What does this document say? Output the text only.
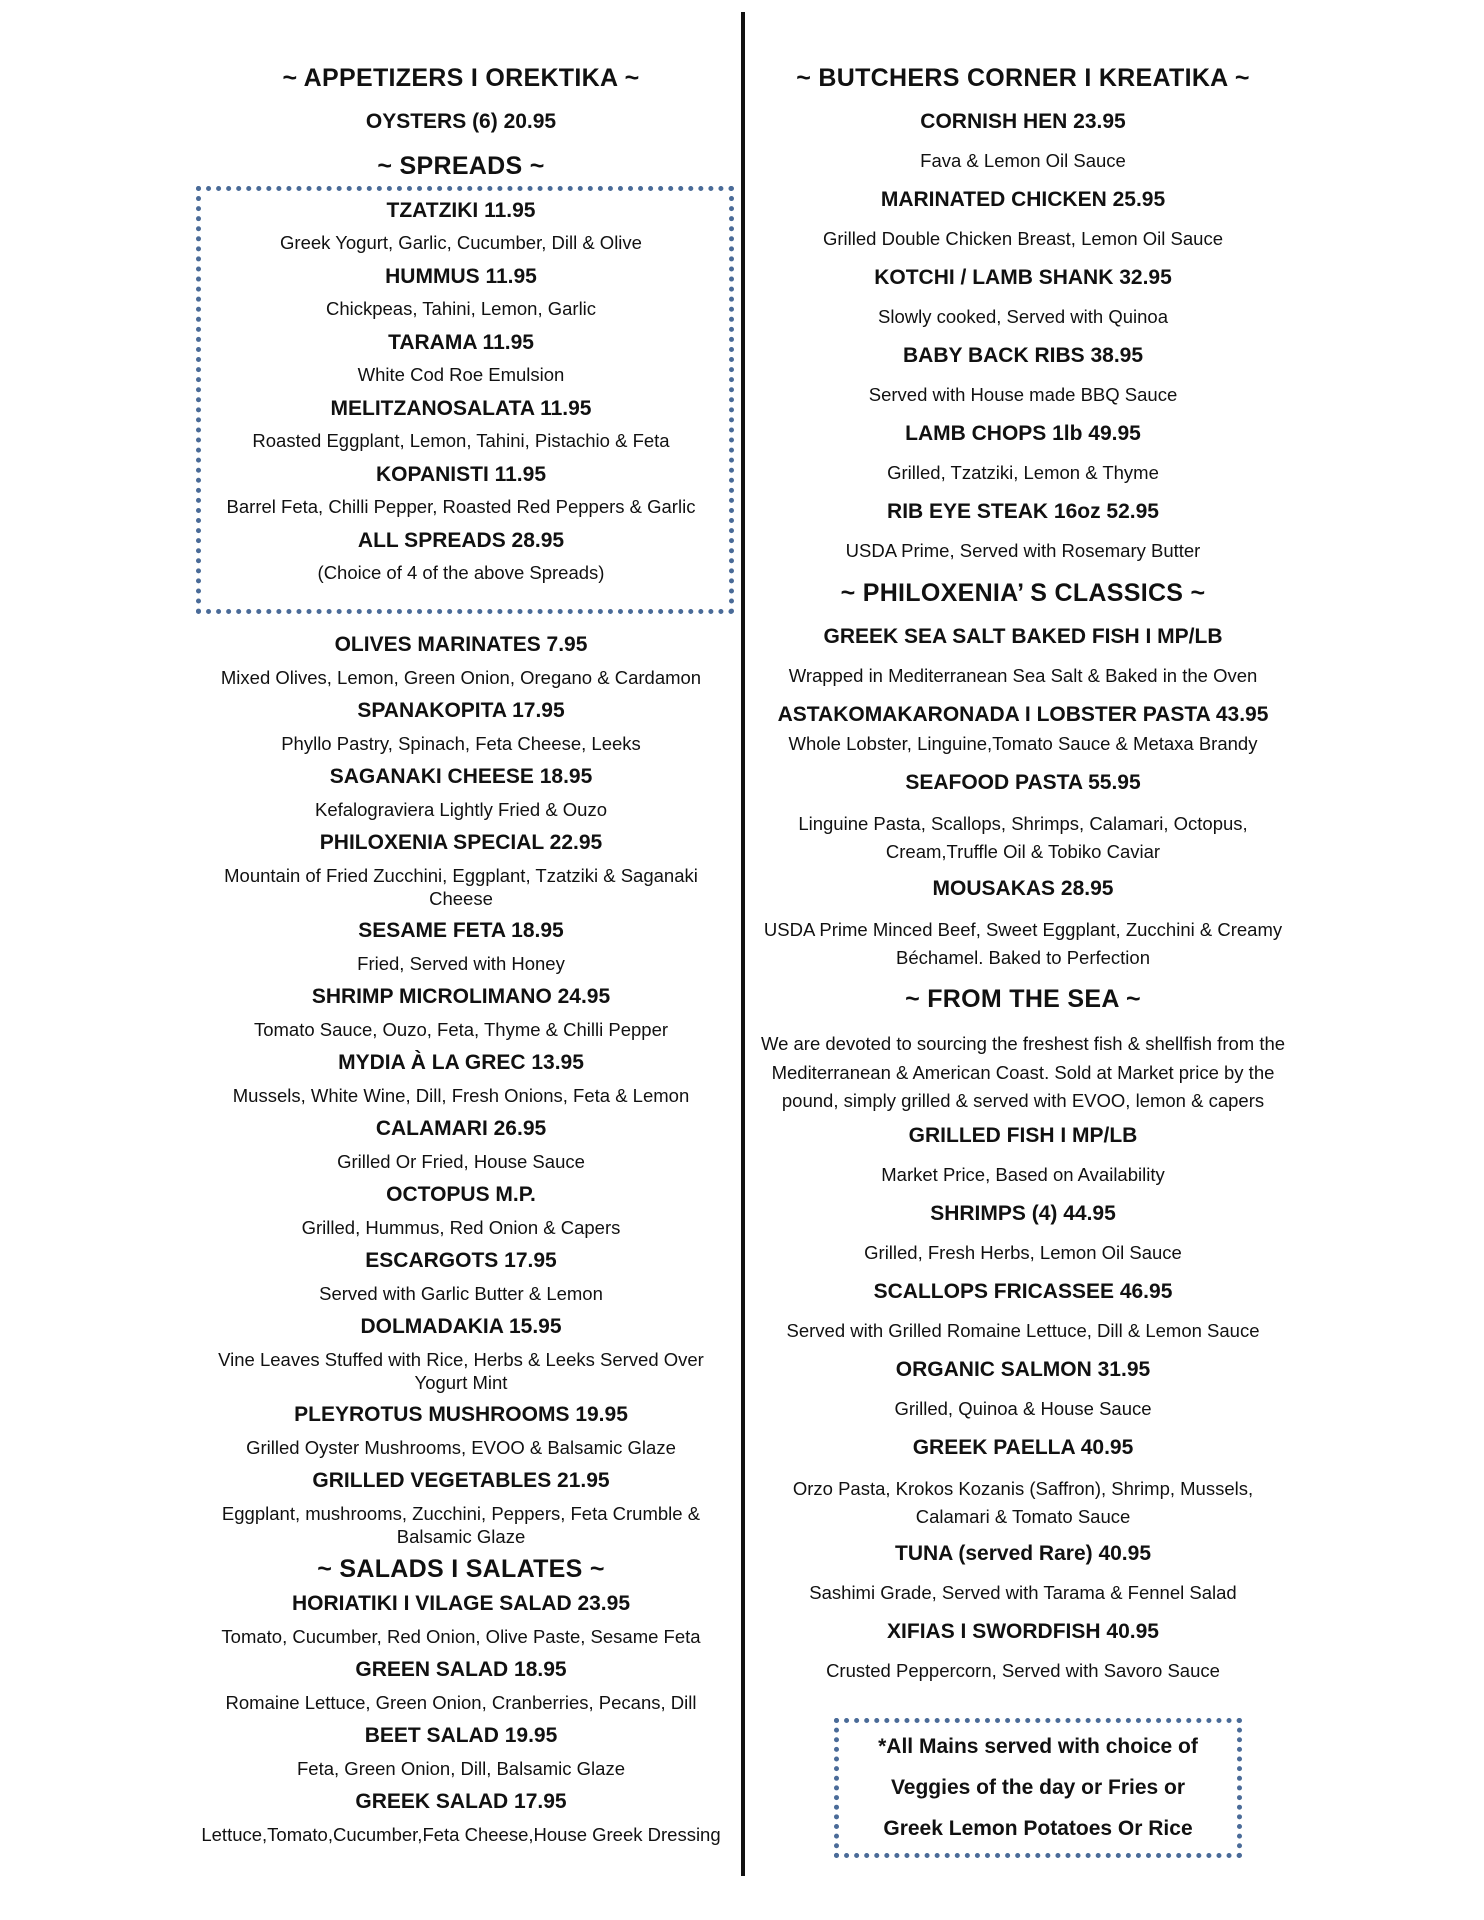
~ APPETIZERS I OREKTIKA ~
OYSTERS (6) 20.95
~ SPREADS ~
TZATZIKI 11.95
Greek Yogurt, Garlic, Cucumber, Dill & Olive
HUMMUS 11.95
Chickpeas, Tahini, Lemon, Garlic
TARAMA 11.95
White Cod Roe Emulsion
MELITZANOSALATA 11.95
Roasted Eggplant, Lemon, Tahini, Pistachio & Feta
KOPANISTI 11.95
Barrel Feta, Chilli Pepper, Roasted Red Peppers & Garlic
ALL SPREADS 28.95
(Choice of 4 of the above Spreads)
OLIVES MARINATES 7.95
Mixed Olives, Lemon, Green Onion, Oregano & Cardamon
SPANAKOPITA 17.95
Phyllo Pastry, Spinach, Feta Cheese, Leeks
SAGANAKI CHEESE 18.95
Kefalograviera Lightly Fried & Ouzo
PHILOXENIA SPECIAL 22.95
Mountain of Fried Zucchini, Eggplant, Tzatziki & Saganaki Cheese
SESAME FETA 18.95
Fried, Served with Honey
SHRIMP MICROLIMANO 24.95
Tomato Sauce, Ouzo, Feta, Thyme & Chilli Pepper
MYDIA À LA GREC 13.95
Mussels, White Wine, Dill, Fresh Onions, Feta & Lemon
CALAMARI 26.95
Grilled Or Fried, House Sauce
OCTOPUS M.P.
Grilled, Hummus, Red Onion & Capers
ESCARGOTS 17.95
Served with Garlic Butter & Lemon
DOLMADAKIA 15.95
Vine Leaves Stuffed with Rice, Herbs & Leeks Served Over Yogurt Mint
PLEYROTUS MUSHROOMS 19.95
Grilled Oyster Mushrooms, EVOO & Balsamic Glaze
GRILLED VEGETABLES 21.95
Eggplant, mushrooms, Zucchini, Peppers, Feta Crumble & Balsamic Glaze
~ SALADS I SALATES ~
HORIATIKI I VILAGE SALAD 23.95
Tomato, Cucumber, Red Onion, Olive Paste, Sesame Feta
GREEN SALAD 18.95
Romaine Lettuce, Green Onion, Cranberries, Pecans, Dill
BEET SALAD 19.95
Feta, Green Onion, Dill, Balsamic Glaze
GREEK SALAD 17.95
Lettuce,Tomato,Cucumber,Feta Cheese,House Greek Dressing
~ BUTCHERS CORNER I KREATIKA ~
CORNISH HEN 23.95
Fava & Lemon Oil Sauce
MARINATED CHICKEN 25.95
Grilled Double Chicken Breast, Lemon Oil Sauce
KOTCHI / LAMB SHANK 32.95
Slowly cooked, Served with Quinoa
BABY BACK RIBS 38.95
Served with House made BBQ Sauce
LAMB CHOPS 1lb 49.95
Grilled, Tzatziki, Lemon & Thyme
RIB EYE STEAK 16oz 52.95
USDA Prime, Served with Rosemary Butter
~ PHILOXENIA’ S CLASSICS ~
GREEK SEA SALT BAKED FISH I MP/LB
Wrapped in Mediterranean Sea Salt & Baked in the Oven
ASTAKOMAKARONADA I LOBSTER PASTA 43.95
Whole Lobster, Linguine,Tomato Sauce & Metaxa Brandy
SEAFOOD PASTA 55.95
Linguine Pasta, Scallops, Shrimps, Calamari, Octopus, Cream,Truffle Oil & Tobiko Caviar
MOUSAKAS 28.95
USDA Prime Minced Beef, Sweet Eggplant, Zucchini & Creamy Béchamel. Baked to Perfection
~ FROM THE SEA ~
We are devoted to sourcing the freshest fish & shellfish from the Mediterranean & American Coast. Sold at Market price by the pound, simply grilled & served with EVOO, lemon & capers
GRILLED FISH I MP/LB
Market Price, Based on Availability
SHRIMPS (4) 44.95
Grilled, Fresh Herbs, Lemon Oil Sauce
SCALLOPS FRICASSEE 46.95
Served with Grilled Romaine Lettuce, Dill & Lemon Sauce
ORGANIC SALMON 31.95
Grilled, Quinoa & House Sauce
GREEK PAELLA 40.95
Orzo Pasta, Krokos Kozanis (Saffron), Shrimp, Mussels, Calamari & Tomato Sauce
TUNA (served Rare) 40.95
Sashimi Grade, Served with Tarama & Fennel Salad
XIFIAS I SWORDFISH 40.95
Crusted Peppercorn, Served with Savoro Sauce
*All Mains served with choice of
Veggies of the day or Fries or
Greek Lemon Potatoes Or Rice
